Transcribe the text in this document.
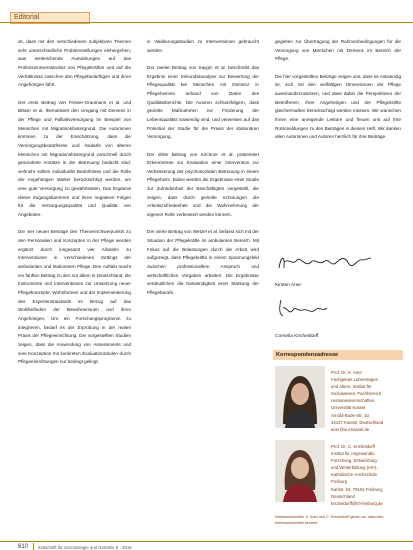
Editorial

ist, dass mit den verschiedenen subjektiven Themen sehr unterschiedliche Problemstellungen einhergehen, was weitreichende Auswirkungen auf das Professionsverständnis von Pflegekräften und auf die Verhältnisse zwischen den Pflegebedürftigen und ihren Angehörigen führt.

Der erste Beitrag von Frewer-Graumann et al. und Bläser et al. thematisiert den Umgang mit Demenz in der Pflege und Palliativversorgung im Beispiel von Menschen mit Migrationshintergrund. Die Autorinnen kommen zu der Einschätzung, dass die Versorgungsbedürfnisse und -bedarfe von älteren Menschen mit Migrationshintergrund vorschnell durch gesonderte Ansätze in der Betreuung bedacht sind, vielmehr sollten individuelle Bedürfnisse und die Rolle der Angehörigen stärker berücksichtigt werden, um eine gute Versorgung zu gewährleisten. Das Ergebnis dieser Zugangsbarrieren und ihren negativen Folgen für die Versorgungsqualität und Qualität von Angeboten.

Die vier neuen Beiträge des Themenschwerpunkts zu den Personalien und Konzepten in der Pflege werden ergänzt durch insgesamt vier Arbeiten zu Interventionen in verschiedenen Settings der ambulanten und stationären Pflege. Den Auftakt macht ein fünften Beitrag zu den vor allem in Deutschland, die Instrumente und Interventionen zur Umsetzung neuer Pflegekonzepte, Wohnformen und der Implementierung des Expertenstandards im Bezug auf das Wohlbefinden der Bewohnerinnen und ihren Angehörigen. Um ein Forschungsprogramm zu integrieren, bedarf es der Erprobung in der realen Praxis der Pflegeeinrichtung. Die vorgestellten Studien zeigen, dass die Anwendung von Assessments und eine Konzeption mit konkreten Evaluationszielen durch Pflegeeinrichtungen nur bedingt gelingt.

in Validierungsstudien zu Interventionen gebraucht werden.

Der zweite Beitrag von Saygin et al. beschreibt das Ergebnis einer Sekundäranalyse zur Bewertung der Pflegequalität bei Menschen mit Demenz in Pflegeheimen anhand von Daten des Qualitätsberichts. Die Autoren schlussfolgern, dass gezielte Maßnahmen zur Förderung der Lebensqualität notwendig sind, und verweisen auf das Potential der Studie für die Praxis der stationären Versorgung.

Der dritte Beitrag von Kirchner et al. präsentiert Erkenntnisse zur Evaluation einer Intervention zur Verbesserung der psychosozialen Betreuung in einem Pflegeheim. Dabei werden die Ergebnisse einer Studie zur Zufriedenheit der Beschäftigten vorgestellt, die zeigen, dass durch gezielte Schulungen die Arbeitszufriedenheit und die Wahrnehmung der eigenen Rolle verbessert werden können.

Der vierte Beitrag von Wetzel et al. befasst sich mit der Situation der Pflegekräfte im ambulanten Bereich. Mit Fokus auf die Belastungen durch die Arbeit wird aufgezeigt, dass Pflegekräfte in einem Spannungsfeld zwischen professionellem Anspruch und wirtschaftlichen Vorgaben arbeiten. Die Ergebnisse verdeutlichen die Notwendigkeit einer Stärkung der Pflegeberufe.

gegeben zur Übertragung der Rahmenbedingungen für die Versorgung von Menschen mit Demenz im Bereich der Pflege.

Die hier vorgestellten Beiträge zeigen uns, dass es notwendig ist, sich mit den vielfältigen Dimensionen der Pflege auseinanderzusetzen, und dass dabei die Perspektiven der Betroffenen, ihrer Angehörigen und der Pflegekräfte gleichermaßen berücksichtigt werden müssen. Wir wünschen Ihnen eine anregende Lektüre und freuen uns auf Ihre Rückmeldungen zu den Beiträgen in diesem Heft. Wir danken allen Autorinnen und Autoren herzlich für ihre Beiträge.

Kirsten Aner
Cornelia Kricheldorff
Korrespondenzadresse
Prof. Dr. K. Aner
Fachgebiet Lebenslagen
und Altern, Institut für
Sozialwesen, Fachbereich
Humanwissenschaften,
Universität Kassel
Arnold-Bode-Str. 10,
34127 Kassel, Deutschland
aner@uni-kassel.de
Prof. Dr. C. Kricheldorff
Institut für Angewandte
Forschung, Entwicklung
und Weiterbildung (IAF),
Katholische Hochschule
Freiburg
Karlstr. 63, 79104 Freiburg,
Deutschland
kricheldorff@kh-freiburg.de
Interessenkonflikt. K. Aner und C. Kricheldorff geben an, dass kein Interessenkonflikt besteht.
610 Zeitschrift für Gerontologie und Geriatrie 6 · 2016
